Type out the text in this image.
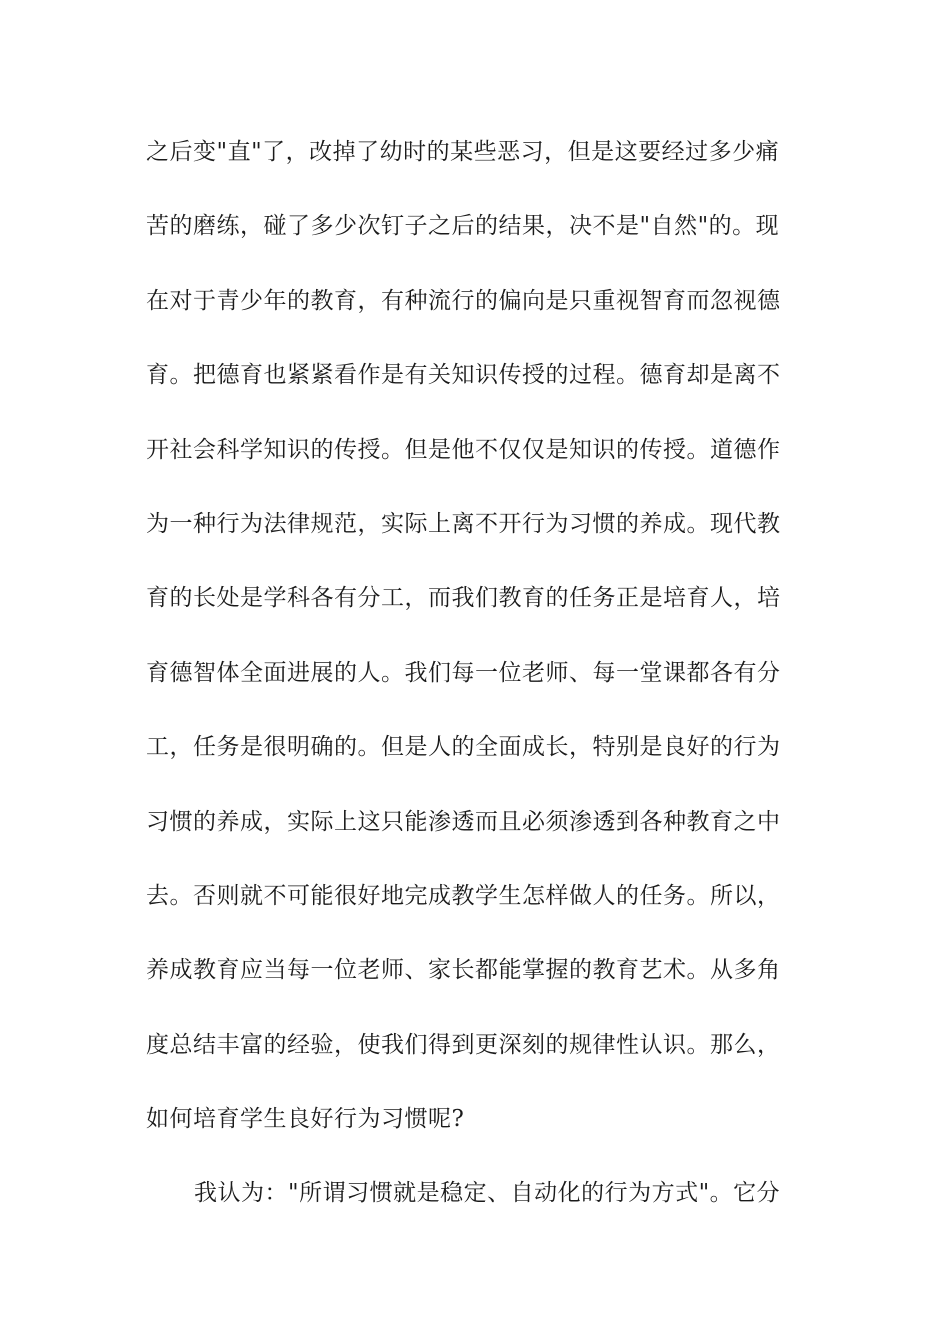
之后变"直"了，改掉了幼时的某些恶习，但是这要经过多少痛
苦的磨练，碰了多少次钉子之后的结果，决不是"自然"的。现
在对于青少年的教育，有种流行的偏向是只重视智育而忽视德
育。把德育也紧紧看作是有关知识传授的过程。德育却是离不
开社会科学知识的传授。但是他不仅仅是知识的传授。道德作
为一种行为法律规范，实际上离不开行为习惯的养成。现代教
育的长处是学科各有分工，而我们教育的任务正是培育人，培
育德智体全面进展的人。我们每一位老师、每一堂课都各有分
工，任务是很明确的。但是人的全面成长，特别是良好的行为
习惯的养成，实际上这只能渗透而且必须渗透到各种教育之中
去。否则就不可能很好地完成教学生怎样做人的任务。所以，
养成教育应当每一位老师、家长都能掌握的教育艺术。从多角
度总结丰富的经验，使我们得到更深刻的规律性认识。那么，
如何培育学生良好行为习惯呢?
我认为："所谓习惯就是稳定、自动化的行为方式"。它分
